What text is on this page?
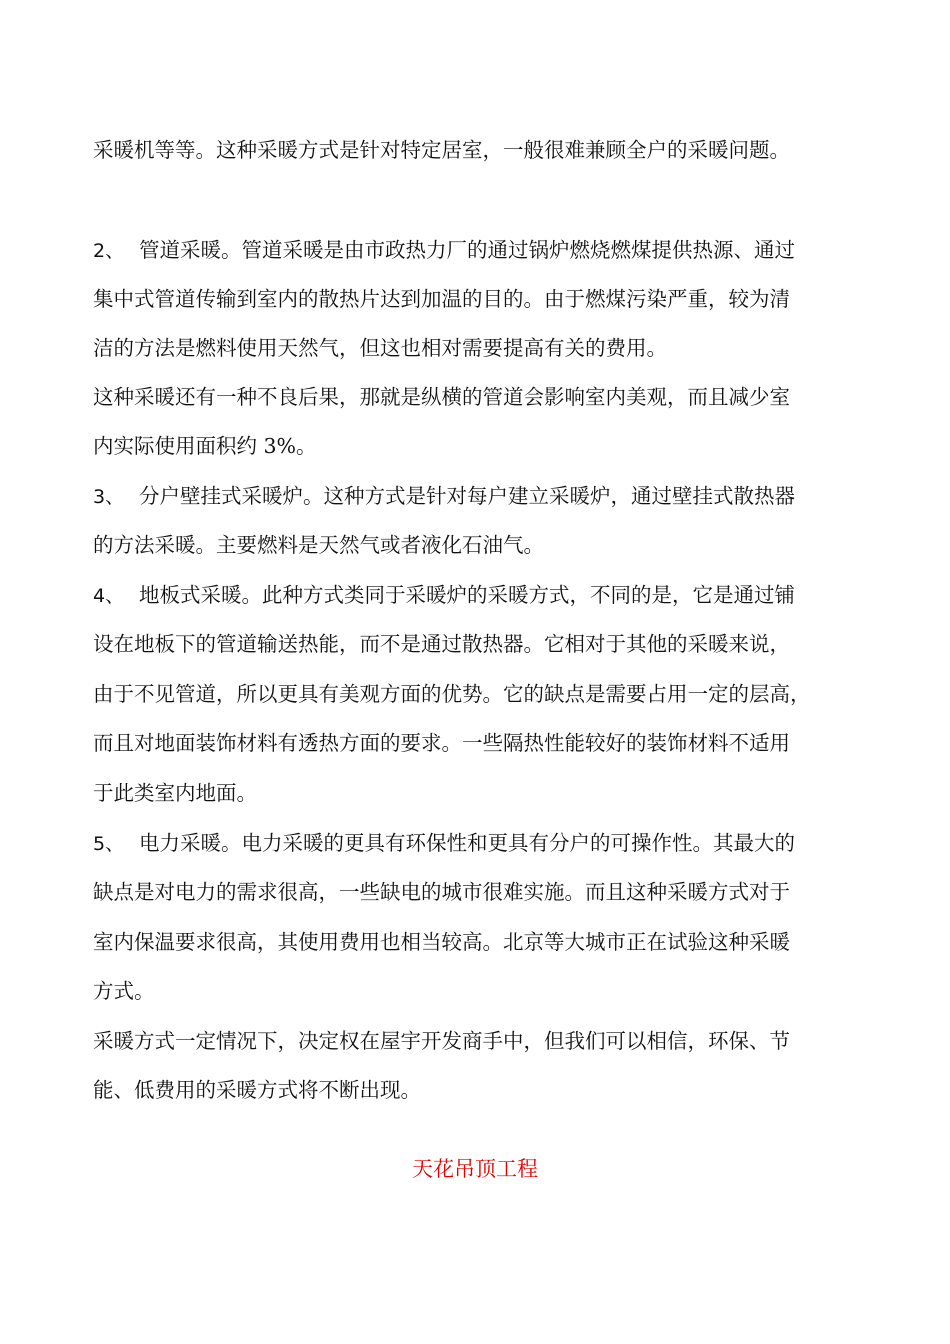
采暖机等等。这种采暖方式是针对特定居室，一般很难兼顾全户的采暖问题。
2、 管道采暖。管道采暖是由市政热力厂的通过锅炉燃烧燃煤提供热源、通过
集中式管道传输到室内的散热片达到加温的目的。由于燃煤污染严重，较为清
洁的方法是燃料使用天然气，但这也相对需要提高有关的费用。
这种采暖还有一种不良后果，那就是纵横的管道会影响室内美观，而且减少室
内实际使用面积约 3%。
3、 分户壁挂式采暖炉。这种方式是针对每户建立采暖炉，通过壁挂式散热器
的方法采暖。主要燃料是天然气或者液化石油气。
4、 地板式采暖。此种方式类同于采暖炉的采暖方式，不同的是，它是通过铺
设在地板下的管道输送热能，而不是通过散热器。它相对于其他的采暖来说，
由于不见管道，所以更具有美观方面的优势。它的缺点是需要占用一定的层高，
而且对地面装饰材料有透热方面的要求。一些隔热性能较好的装饰材料不适用
于此类室内地面。
5、 电力采暖。电力采暖的更具有环保性和更具有分户的可操作性。其最大的
缺点是对电力的需求很高，一些缺电的城市很难实施。而且这种采暖方式对于
室内保温要求很高，其使用费用也相当较高。北京等大城市正在试验这种采暖
方式。
采暖方式一定情况下，决定权在屋宇开发商手中，但我们可以相信，环保、节
能、低费用的采暖方式将不断出现。
天花吊顶工程
